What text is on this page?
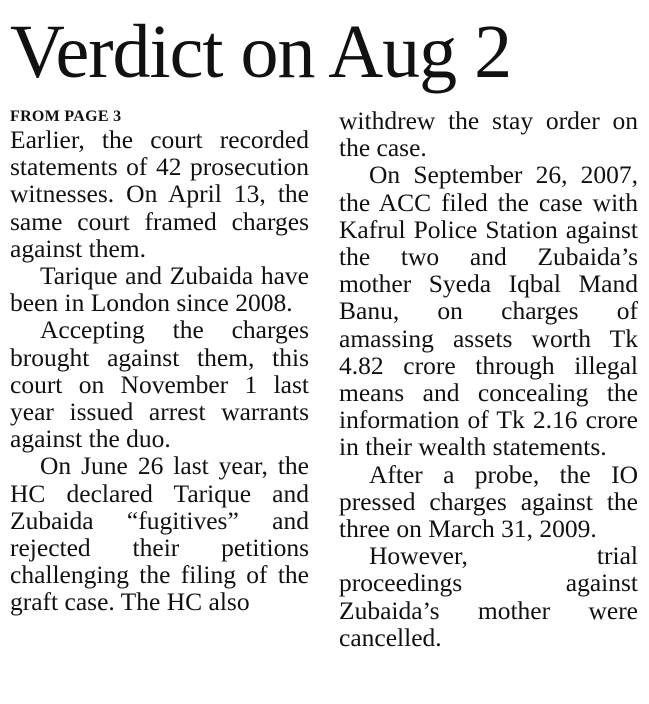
Verdict on Aug 2
FROM PAGE 3

Earlier, the court recorded statements of 42 prosecution witnesses. On April 13, the same court framed charges against them.

Tarique and Zubaida have been in London since 2008.

Accepting the charges brought against them, this court on November 1 last year issued arrest warrants against the duo.

On June 26 last year, the HC declared Tarique and Zubaida “fugitives” and rejected their petitions challenging the filing of the graft case. The HC also

withdrew the stay order on the case.

On September 26, 2007, the ACC filed the case with Kafrul Police Station against the two and Zubaida’s mother Syeda Iqbal Mand Banu, on charges of amassing assets worth Tk 4.82 crore through illegal means and concealing the information of Tk 2.16 crore in their wealth statements.

After a probe, the IO pressed charges against the three on March 31, 2009.

However, trial proceedings against Zubaida’s mother were cancelled.
